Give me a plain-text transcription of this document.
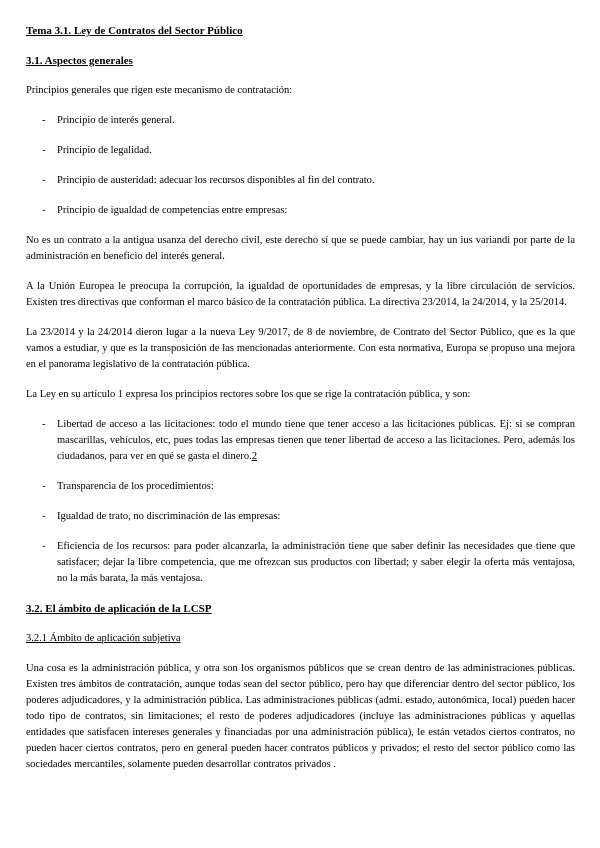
Tema 3.1. Ley de Contratos del Sector Público
3.1. Aspectos generales

Principios generales que rigen este mecanismo de contratación:

- Principio de interés general.
- Principio de legalidad.
- Principio de austeridad: adecuar los recursos disponibles al fin del contrato.
- Principio de igualdad de competencias entre empresas:

No es un contrato a la antigua usanza del derecho civil, este derecho sí que se puede cambiar, hay un ius variandi por parte de la administración en beneficio del interés general.

A la Unión Europea le preocupa la corrupción, la igualdad de oportunidades de empresas, y la libre circulación de servicios. Existen tres directivas que conforman el marco básico de la contratación pública. La directiva 23/2014, la 24/2014, y la 25/2014.

La 23/2014 y la 24/2014 dieron lugar a la nueva Ley 9/2017, de 8 de noviembre, de Contrato del Sector Público, que es la que vamos a estudiar, y que es la transposición de las mencionadas anteriormente. Con esta normativa, Europa se propuso una mejora en el panorama legislativo de la contratación pública.

La Ley en su artículo 1 expresa los principios rectores sobre los que se rige la contratación pública, y son:

- Libertad de acceso a las licitaciones: todo el mundo tiene que tener acceso a las licitaciones públicas. Ej: si se compran mascarillas, vehículos, etc, pues todas las empresas tienen que tener libertad de acceso a las licitaciones. Pero, además los ciudadanos, para ver en qué se gasta el dinero.2
- Transparencia de los procedimientos:
- Igualdad de trato, no discriminación de las empresas:
- Eficiencia de los recursos: para poder alcanzarla, la administración tiene que saber definir las necesidades que tiene que satisfacer; dejar la libre competencia, que me ofrezcan sus productos con libertad; y saber elegir la oferta más ventajosa, no la más barata, la más ventajosa.
3.2. El ámbito de aplicación de la LCSP
3.2.1 Ámbito de aplicación subjetiva

Una cosa es la administración pública, y otra son los organismos públicos que se crean dentro de las administraciones públicas. Existen tres ámbitos de contratación, aunque todas sean del sector público, pero hay que diferenciar dentro del sector público, los poderes adjudicadores, y la administración pública. Las administraciones públicas (admi. estado, autonómica, local) pueden hacer todo tipo de contratos, sin limitaciones; el resto de poderes adjudicadores (incluye las administraciones públicas y aquellas entidades que satisfacen intereses generales y financiadas por una administración pública), le están vetados ciertos contratos, no pueden hacer ciertos contratos, pero en general pueden hacer contratos públicos y privados; el resto del sector público como las sociedades mercantiles, solamente pueden desarrollar contratos privados .
